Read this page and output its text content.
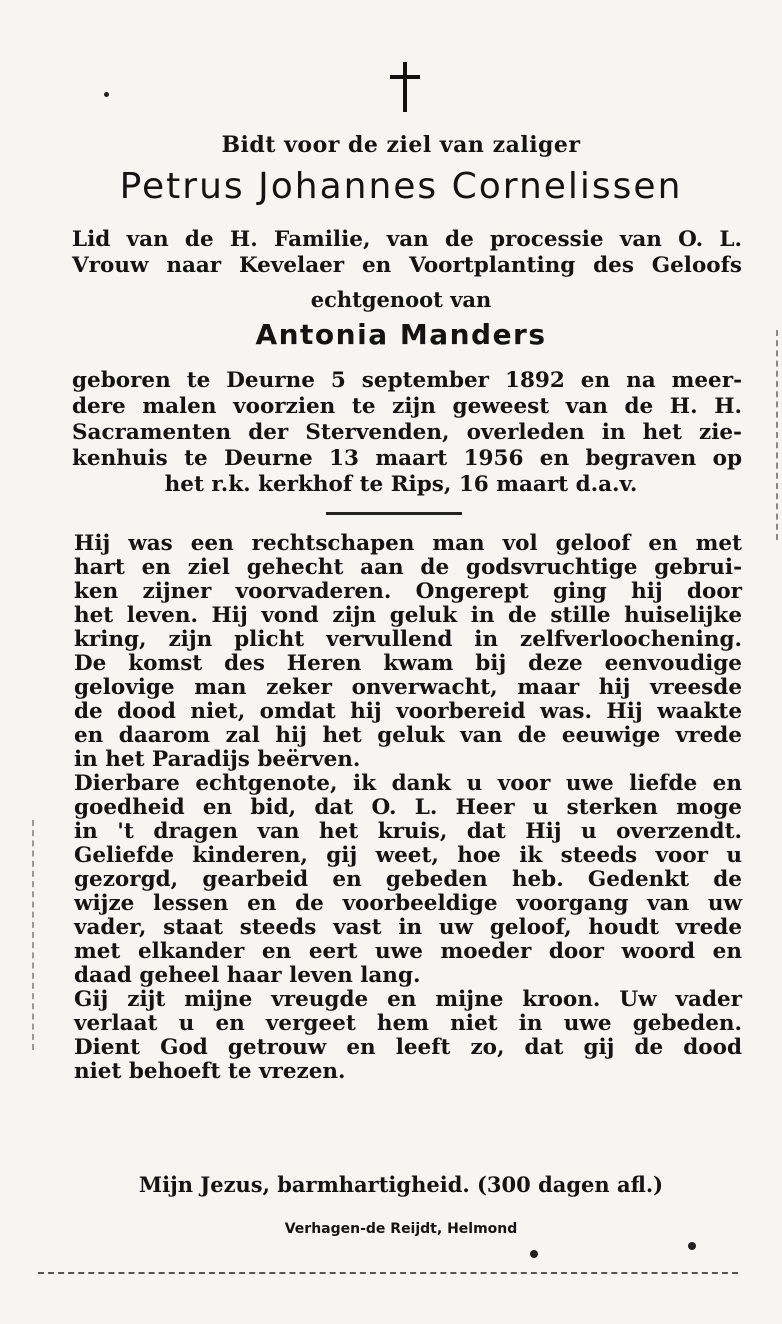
Bidt voor de ziel van zaliger
Petrus Johannes Cornelissen
Lid van de H. Familie, van de processie van O. L.
Vrouw naar Kevelaer en Voortplanting des Geloofs
echtgenoot van
Antonia Manders
geboren te Deurne 5 september 1892 en na meer-
dere malen voorzien te zijn geweest van de H. H.
Sacramenten der Stervenden, overleden in het zie-
kenhuis te Deurne 13 maart 1956 en begraven op
het r.k. kerkhof te Rips, 16 maart d.a.v.
Hij was een rechtschapen man vol geloof en met
hart en ziel gehecht aan de godsvruchtige gebrui-
ken zijner voorvaderen. Ongerept ging hij door
het leven. Hij vond zijn geluk in de stille huiselijke
kring, zijn plicht vervullend in zelfverloochening.
De komst des Heren kwam bij deze eenvoudige
gelovige man zeker onverwacht, maar hij vreesde
de dood niet, omdat hij voorbereid was. Hij waakte
en daarom zal hij het geluk van de eeuwige vrede
in het Paradijs beërven.
Dierbare echtgenote, ik dank u voor uwe liefde en
goedheid en bid, dat O. L. Heer u sterken moge
in 't dragen van het kruis, dat Hij u overzendt.
Geliefde kinderen, gij weet, hoe ik steeds voor u
gezorgd, gearbeid en gebeden heb. Gedenkt de
wijze lessen en de voorbeeldige voorgang van uw
vader, staat steeds vast in uw geloof, houdt vrede
met elkander en eert uwe moeder door woord en
daad geheel haar leven lang.
Gij zijt mijne vreugde en mijne kroon. Uw vader
verlaat u en vergeet hem niet in uwe gebeden.
Dient God getrouw en leeft zo, dat gij de dood
niet behoeft te vrezen.
Mijn Jezus, barmhartigheid. (300 dagen afl.)
Verhagen-de Reijdt, Helmond
